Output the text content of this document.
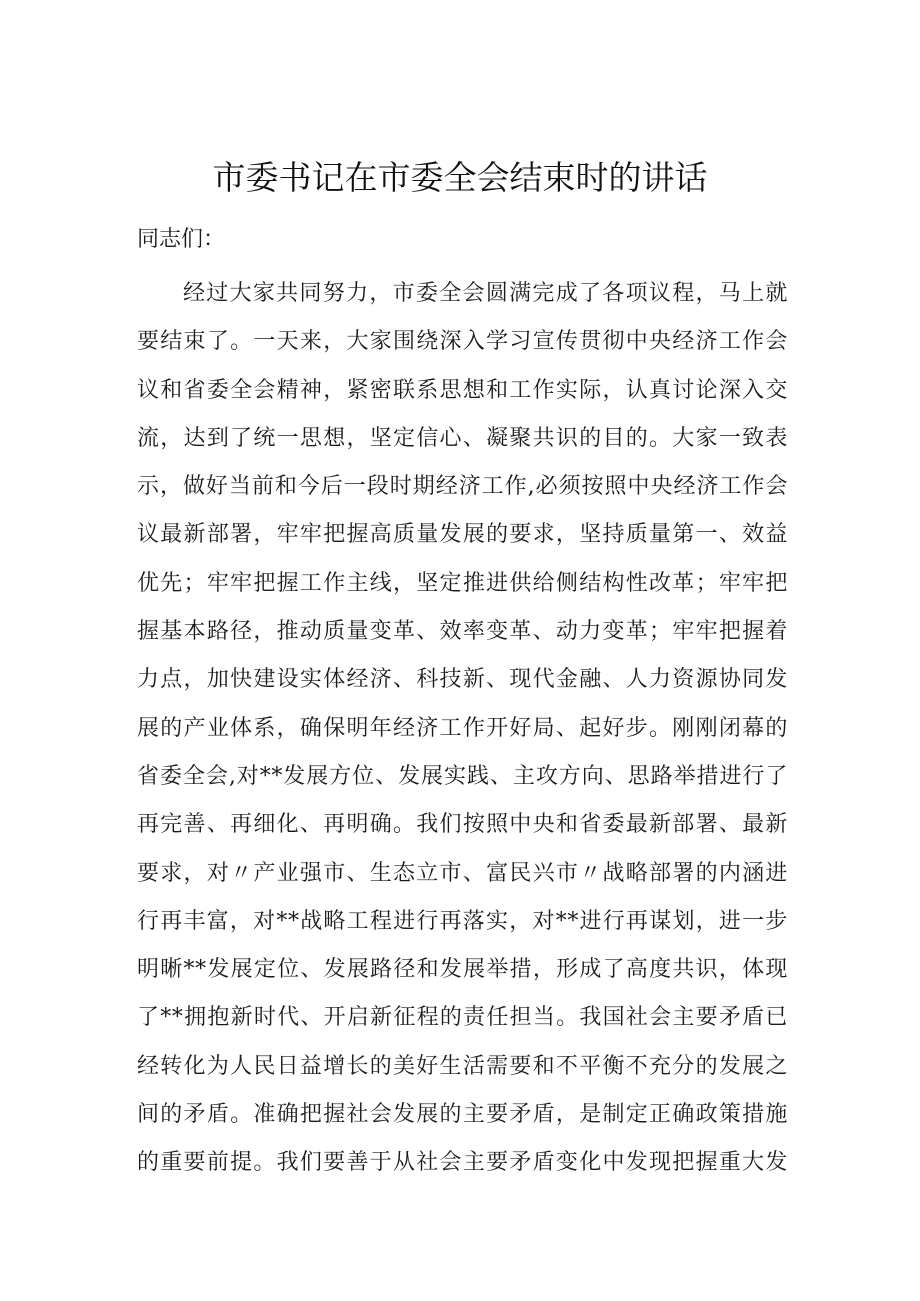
市委书记在市委全会结束时的讲话

同志们：

经过大家共同努力，市委全会圆满完成了各项议程，马上就要结束了。一天来，大家围绕深入学习宣传贯彻中央经济工作会议和省委全会精神，紧密联系思想和工作实际，认真讨论深入交流，达到了统一思想，坚定信心、凝聚共识的目的。大家一致表示，做好当前和今后一段时期经济工作,必须按照中央经济工作会议最新部署，牢牢把握高质量发展的要求，坚持质量第一、效益优先；牢牢把握工作主线，坚定推进供给侧结构性改革；牢牢把握基本路径，推动质量变革、效率变革、动力变革；牢牢把握着力点，加快建设实体经济、科技新、现代金融、人力资源协同发展的产业体系，确保明年经济工作开好局、起好步。刚刚闭幕的省委全会,对**发展方位、发展实践、主攻方向、思路举措进行了再完善、再细化、再明确。我们按照中央和省委最新部署、最新要求，对〃产业强市、生态立市、富民兴市〃战略部署的内涵进行再丰富，对**战略工程进行再落实，对**进行再谋划，进一步明晰**发展定位、发展路径和发展举措，形成了高度共识，体现了**拥抱新时代、开启新征程的责任担当。我国社会主要矛盾已经转化为人民日益增长的美好生活需要和不平衡不充分的发展之间的矛盾。准确把握社会发展的主要矛盾，是制定正确政策措施的重要前提。我们要善于从社会主要矛盾变化中发现把握重大发
